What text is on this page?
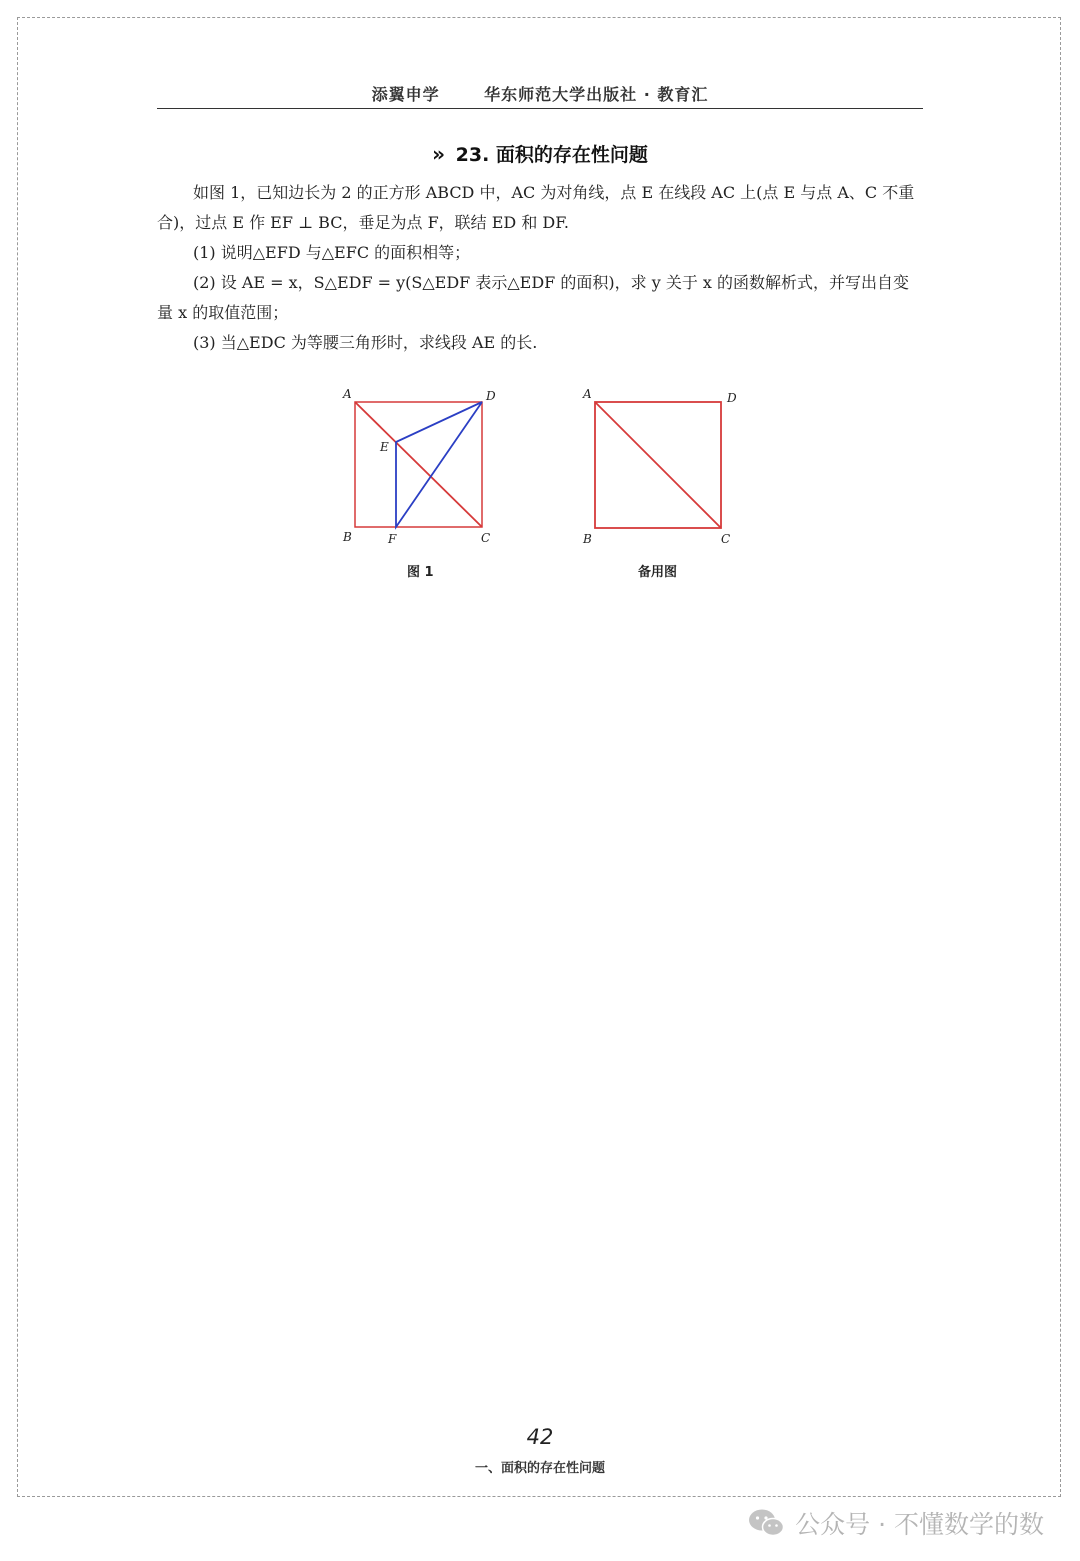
添翼申学	华东师范大学出版社 · 教育汇
» 23. 面积的存在性问题

如图 1，已知边长为 2 的正方形 ABCD 中，AC 为对角线，点 E 在线段 AC 上(点 E 与点 A、C 不重合)，过点 E 作 EF ⊥ BC，垂足为点 F，联结 ED 和 DF.

(1) 说明△EFD 与△EFC 的面积相等；

(2) 设 AE = x，S△EDF = y(S△EDF 表示△EDF 的面积)，求 y 关于 x 的函数解析式，并写出自变量 x 的取值范围；

(3) 当△EDC 为等腰三角形时，求线段 AE 的长.

A	D
E
B	F	C
图 1
A	D
B	C
备用图
42
一、面积的存在性问题
公众号 · 不懂数学的数
